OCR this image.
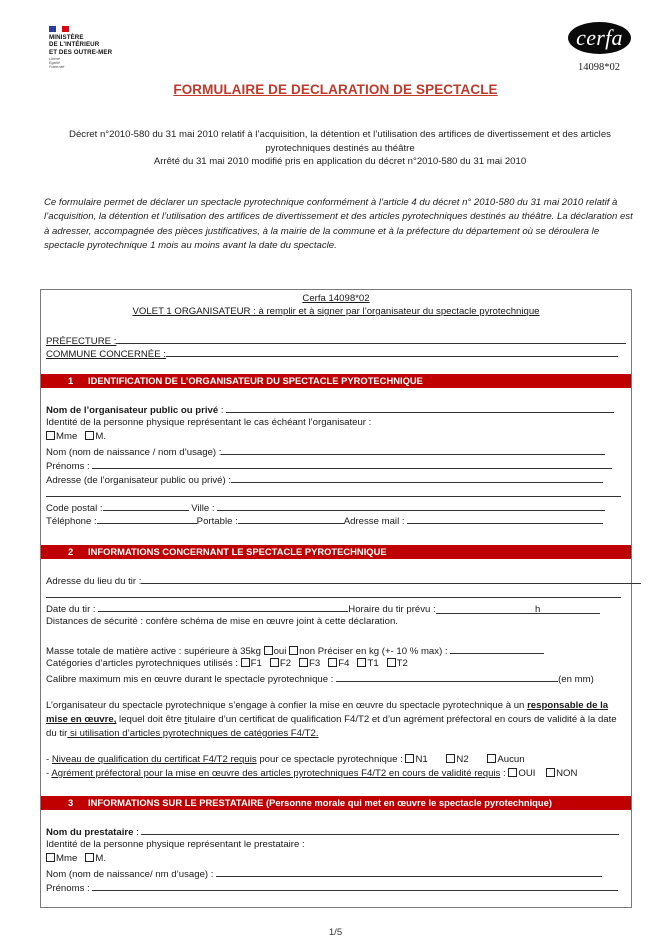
MINISTÈRE
DE L'INTÉRIEUR
ET DES OUTRE-MER
Liberté
Égalité
Fraternité
cerfa
14098*02
FORMULAIRE DE DECLARATION DE SPECTACLE
Décret n°2010-580 du 31 mai 2010 relatif à l’acquisition, la détention et l’utilisation des artifices de divertissement et des articles pyrotechniques destinés au théâtre
Arrêté du 31 mai 2010 modifié pris en application du décret n°2010-580 du 31 mai 2010
Ce formulaire permet de déclarer un spectacle pyrotechnique conformément à l’article 4 du décret n° 2010-580 du 31 mai 2010 relatif à l’acquisition, la détention et l’utilisation des artifices de divertissement et des articles pyrotechniques destinés au théâtre. La déclaration est à adresser, accompagnée des pièces justificatives, à la mairie de la commune et à la préfecture du département où se déroulera le spectacle pyrotechnique 1 mois au moins avant la date du spectacle.
Cerfa 14098*02
VOLET 1 ORGANISATEUR : à remplir et à signer par l’organisateur du spectacle pyrotechnique
PRÉFECTURE :
COMMUNE CONCERNÉE :
1 IDENTIFICATION DE L’ORGANISATEUR DU SPECTACLE PYROTECHNIQUE
Nom de l’organisateur public ou privé :
Identité de la personne physique représentant le cas échéant l’organisateur :
Mme M.
Nom (nom de naissance / nom d’usage) :
Prénoms :
Adresse (de l’organisateur public ou privé) :
Code postal :	Ville :
Téléphone :	Portable :	Adresse mail :
2 INFORMATIONS CONCERNANT LE SPECTACLE PYROTECHNIQUE
Adresse du lieu du tir :
Date du tir :	Horaire du tir prévu :	h
Distances de sécurité : confère schéma de mise en œuvre joint à cette déclaration.
Masse totale de matière active : supérieure à 35kg oui non Préciser en kg (+- 10 % max) :
Catégories d’articles pyrotechniques utilisés : F1 F2 F3 F4 T1 T2
Calibre maximum mis en œuvre durant le spectacle pyrotechnique :	(en mm)
L’organisateur du spectacle pyrotechnique s’engage à confier la mise en œuvre du spectacle pyrotechnique à un responsable de la mise en œuvre, lequel doit être titulaire d’un certificat de qualification F4/T2 et d’un agrément préfectoral en cours de validité à la date du tir si utilisation d’articles pyrotechniques de catégories F4/T2.
- Niveau de qualification du certificat F4/T2 requis pour ce spectacle pyrotechnique : N1	N2	Aucun
- Agrément préfectoral pour la mise en œuvre des articles pyrotechniques F4/T2 en cours de validité requis : OUI NON
3 INFORMATIONS SUR LE PRESTATAIRE (Personne morale qui met en œuvre le spectacle pyrotechnique)
Nom du prestataire :
Identité de la personne physique représentant le prestataire :
Mme M.
Nom (nom de naissance/ nm d’usage) :
Prénoms :
1/5
